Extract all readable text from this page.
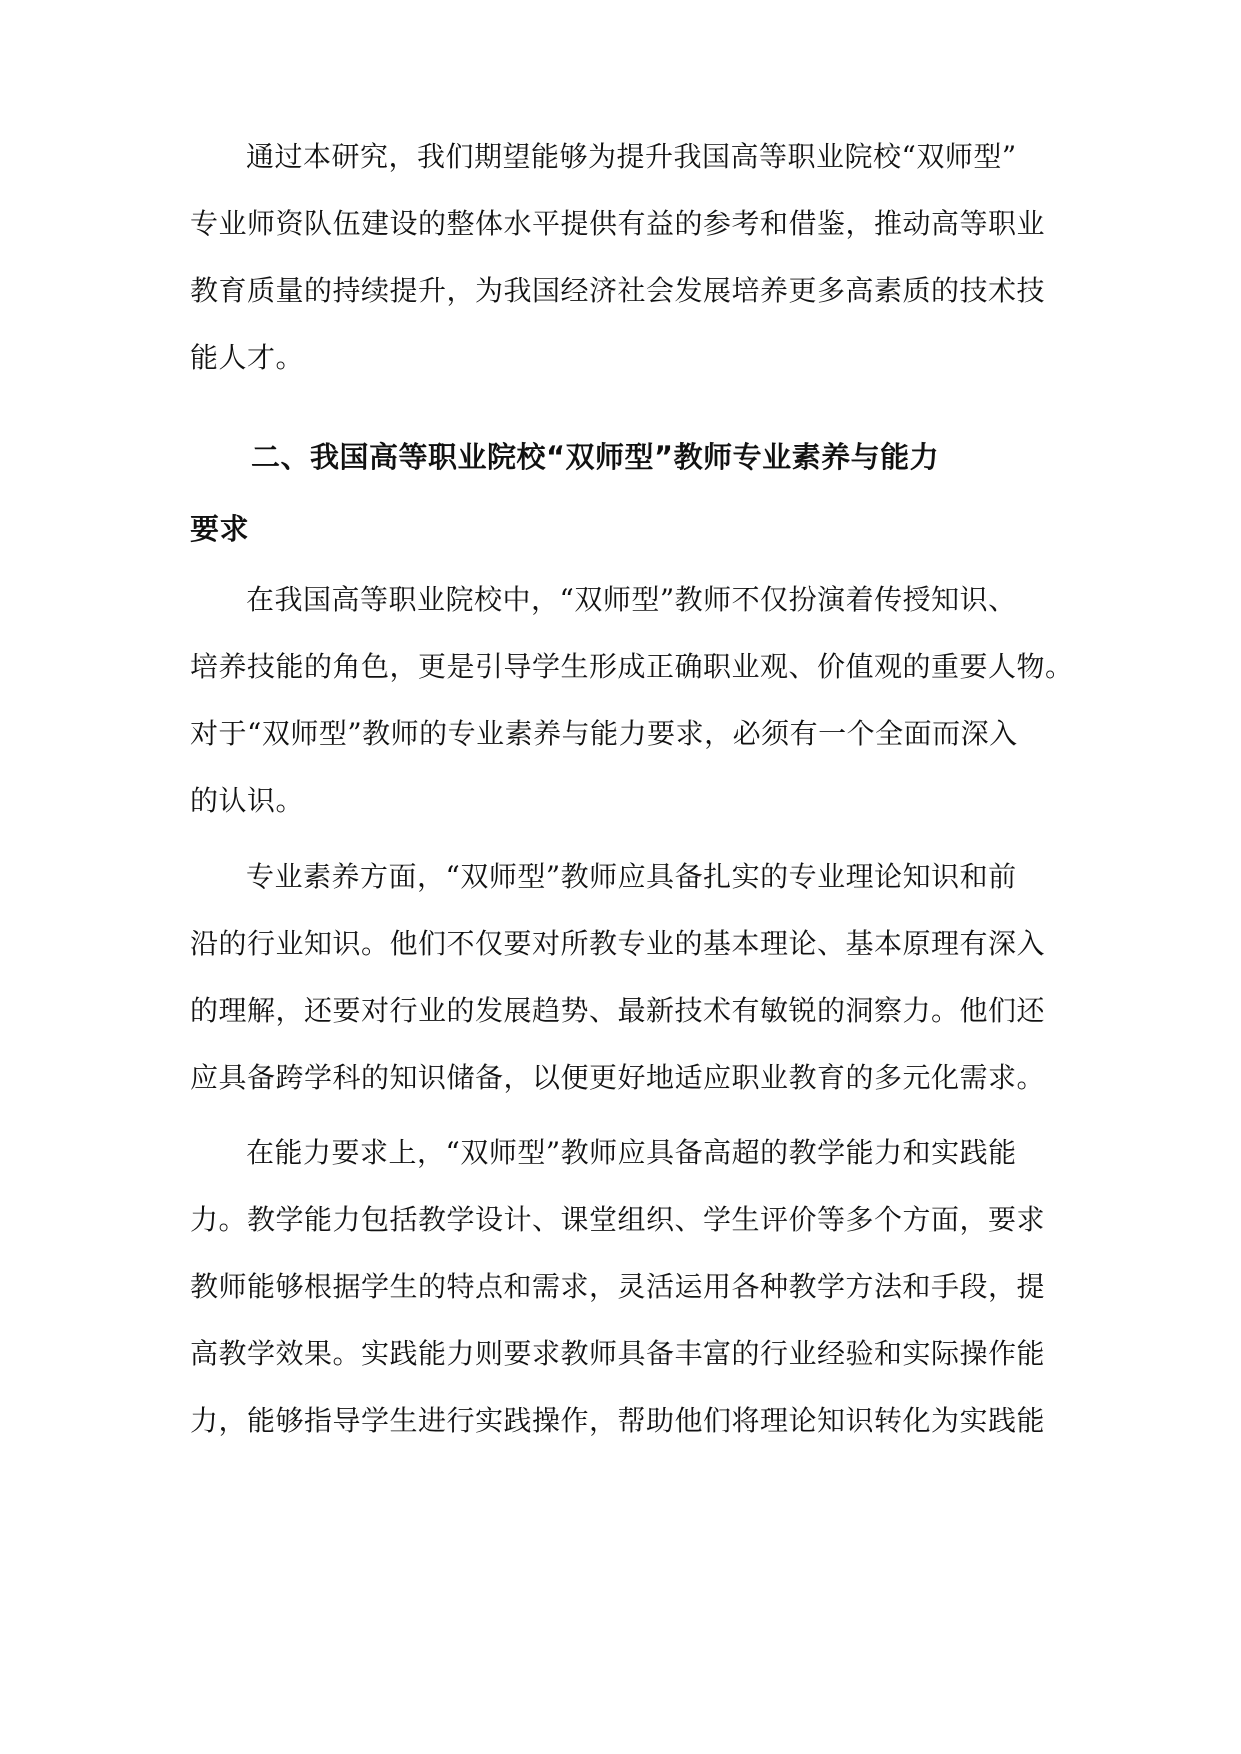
通过本研究，我们期望能够为提升我国高等职业院校“双师型”
专业师资队伍建设的整体水平提供有益的参考和借鉴，推动高等职业
教育质量的持续提升，为我国经济社会发展培养更多高素质的技术技
能人才。
二、我国高等职业院校“双师型”教师专业素养与能力
要求
在我国高等职业院校中，“双师型”教师不仅扮演着传授知识、
培养技能的角色，更是引导学生形成正确职业观、价值观的重要人物。
对于“双师型”教师的专业素养与能力要求，必须有一个全面而深入
的认识。
专业素养方面，“双师型”教师应具备扎实的专业理论知识和前
沿的行业知识。他们不仅要对所教专业的基本理论、基本原理有深入
的理解，还要对行业的发展趋势、最新技术有敏锐的洞察力。他们还
应具备跨学科的知识储备，以便更好地适应职业教育的多元化需求。
在能力要求上，“双师型”教师应具备高超的教学能力和实践能
力。教学能力包括教学设计、课堂组织、学生评价等多个方面，要求
教师能够根据学生的特点和需求，灵活运用各种教学方法和手段，提
高教学效果。实践能力则要求教师具备丰富的行业经验和实际操作能
力，能够指导学生进行实践操作，帮助他们将理论知识转化为实践能
